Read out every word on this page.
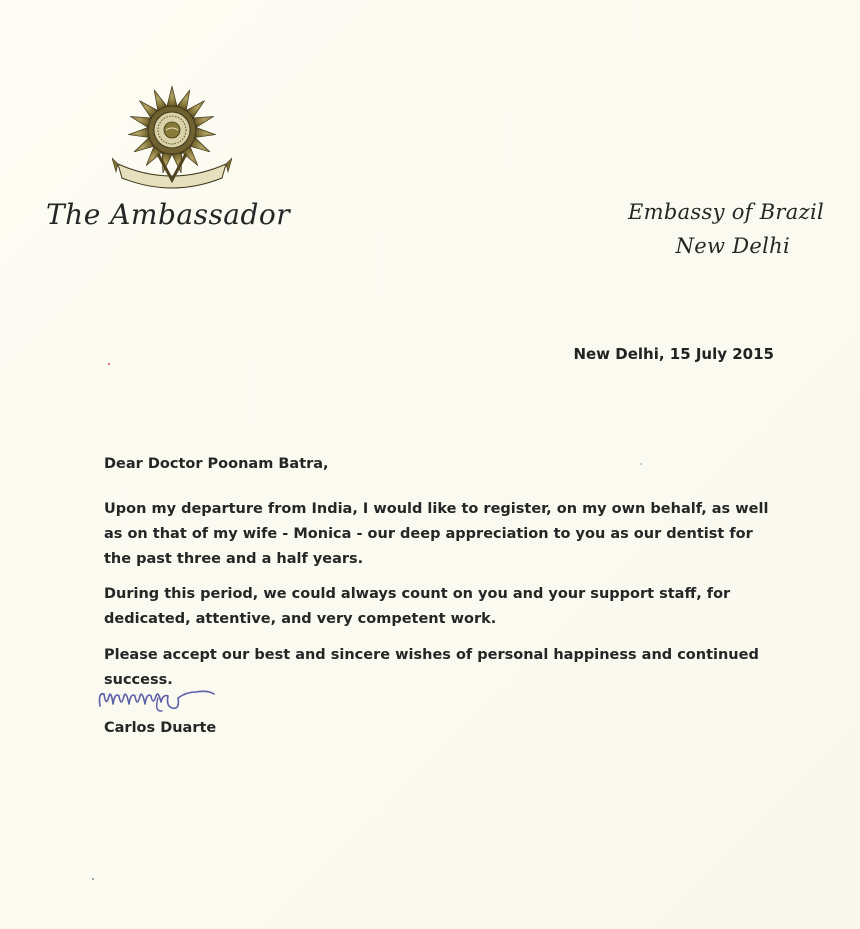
The Ambassador	Embassy of Brazil
New Delhi
New Delhi, 15 July 2015

Dear Doctor Poonam Batra,

Upon my departure from India, I would like to register, on my own behalf, as well as on that of my wife - Monica - our deep appreciation to you as our dentist for the past three and a half years.

During this period, we could always count on you and your support staff, for dedicated, attentive, and very competent work.

Please accept our best and sincere wishes of personal happiness and continued success.

Carlos Duarte
